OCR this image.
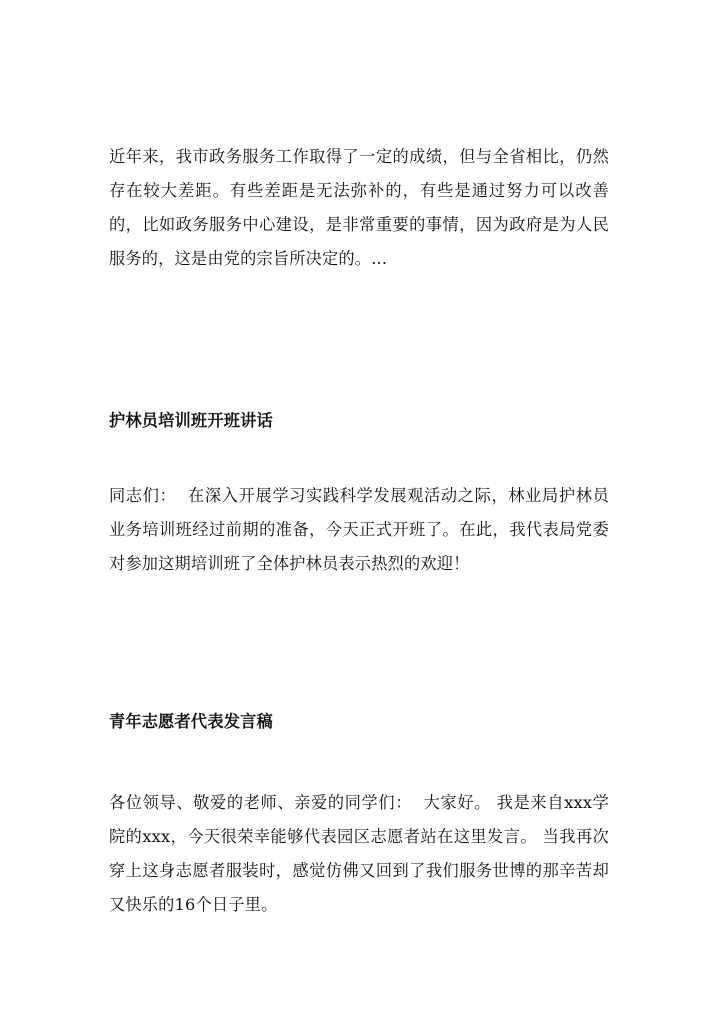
近年来，我市政务服务工作取得了一定的成绩，但与全省相比，仍然存在较大差距。有些差距是无法弥补的，有些是通过努力可以改善的，比如政务服务中心建设，是非常重要的事情，因为政府是为人民服务的，这是由党的宗旨所决定的。...

护林员培训班开班讲话

同志们：  在深入开展学习实践科学发展观活动之际，林业局护林员业务培训班经过前期的准备，今天正式开班了。在此，我代表局党委对参加这期培训班了全体护林员表示热烈的欢迎！

青年志愿者代表发言稿

各位领导、敬爱的老师、亲爱的同学们：  大家好。 我是来自xxx学院的xxx，今天很荣幸能够代表园区志愿者站在这里发言。 当我再次穿上这身志愿者服装时，感觉仿佛又回到了我们服务世博的那辛苦却又快乐的16个日子里。
